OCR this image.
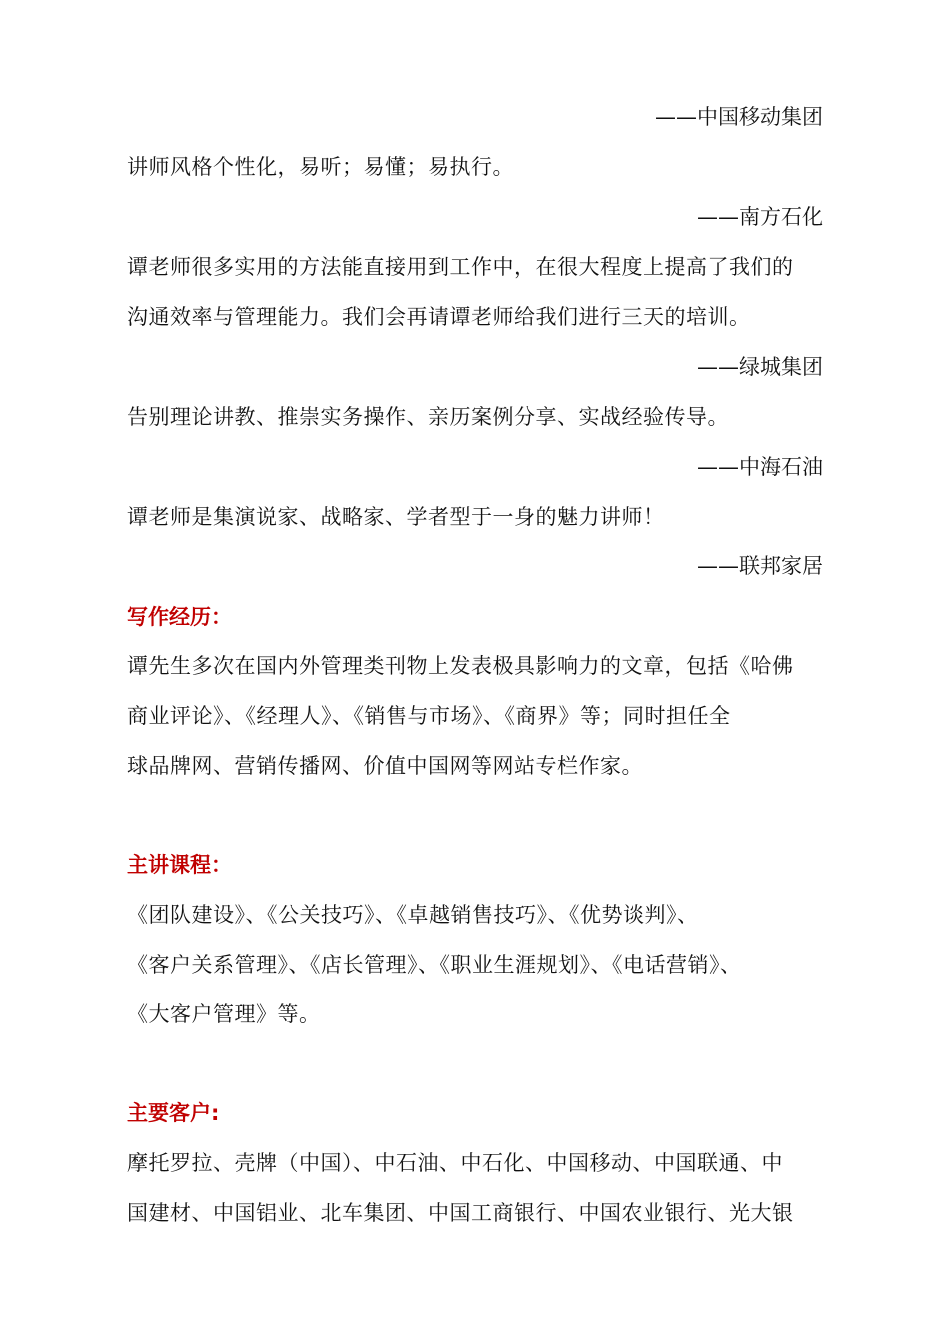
——中国移动集团
讲师风格个性化，易听；易懂；易执行。
——南方石化
谭老师很多实用的方法能直接用到工作中，在很大程度上提高了我们的
沟通效率与管理能力。我们会再请谭老师给我们进行三天的培训。
——绿城集团
告别理论讲教、推崇实务操作、亲历案例分享、实战经验传导。
——中海石油
谭老师是集演说家、战略家、学者型于一身的魅力讲师！
——联邦家居
写作经历：
谭先生多次在国内外管理类刊物上发表极具影响力的文章，包括《哈佛
商业评论》、《经理人》、《销售与市场》、《商界》等；同时担任全
球品牌网、营销传播网、价值中国网等网站专栏作家。
主讲课程：
《团队建设》、《公关技巧》、《卓越销售技巧》、《优势谈判》、
《客户关系管理》、《店长管理》、《职业生涯规划》、《电话营销》、
《大客户管理》等。
主要客户:
摩托罗拉、壳牌（中国）、中石油、中石化、中国移动、中国联通、中
国建材、中国铝业、北车集团、中国工商银行、中国农业银行、光大银
